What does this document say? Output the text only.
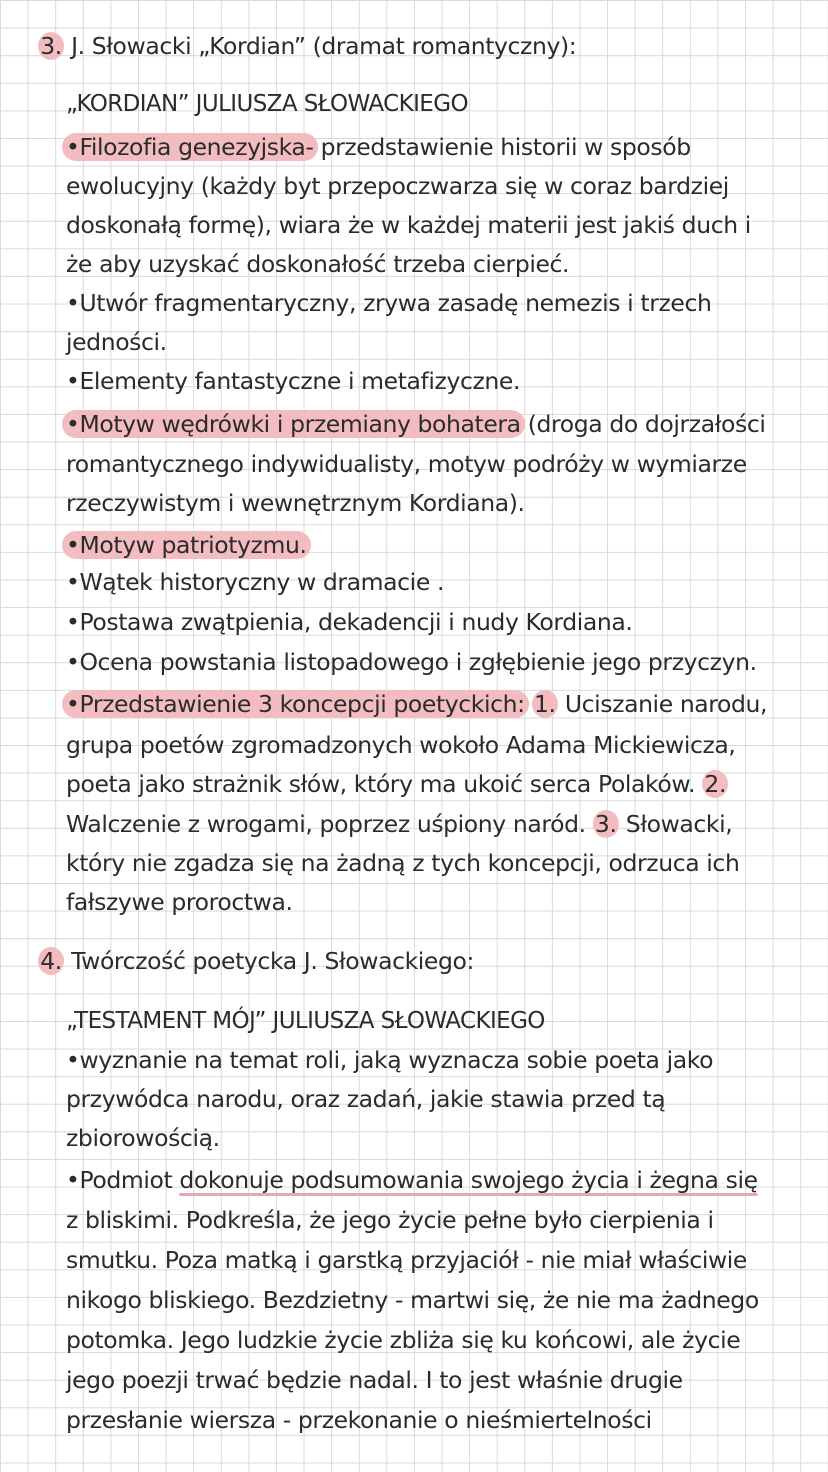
3. J. Słowacki „Kordian” (dramat romantyczny):
„KORDIAN” JULIUSZA SŁOWACKIEGO
•Filozofia genezyjska- przedstawienie historii w sposób
ewolucyjny (każdy byt przepoczwarza się w coraz bardziej
doskonałą formę), wiara że w każdej materii jest jakiś duch i
że aby uzyskać doskonałość trzeba cierpieć.
•Utwór fragmentaryczny, zrywa zasadę nemezis i trzech
jedności.
•Elementy fantastyczne i metafizyczne.
•Motyw wędrówki i przemiany bohatera (droga do dojrzałości
romantycznego indywidualisty, motyw podróży w wymiarze
rzeczywistym i wewnętrznym Kordiana).
•Motyw patriotyzmu.
•Wątek historyczny w dramacie .
•Postawa zwątpienia, dekadencji i nudy Kordiana.
•Ocena powstania listopadowego i zgłębienie jego przyczyn.
•Przedstawienie 3 koncepcji poetyckich: 1. Uciszanie narodu,
grupa poetów zgromadzonych wokoło Adama Mickiewicza,
poeta jako strażnik słów, który ma ukoić serca Polaków. 2.
Walczenie z wrogami, poprzez uśpiony naród. 3. Słowacki,
który nie zgadza się na żadną z tych koncepcji, odrzuca ich
fałszywe proroctwa.
4. Twórczość poetycka J. Słowackiego:
„TESTAMENT MÓJ” JULIUSZA SŁOWACKIEGO
•wyznanie na temat roli, jaką wyznacza sobie poeta jako
przywódca narodu, oraz zadań, jakie stawia przed tą
zbiorowością.
•Podmiot dokonuje podsumowania swojego życia i żegna się
z bliskimi. Podkreśla, że jego życie pełne było cierpienia i
smutku. Poza matką i garstką przyjaciół - nie miał właściwie
nikogo bliskiego. Bezdzietny - martwi się, że nie ma żadnego
potomka. Jego ludzkie życie zbliża się ku końcowi, ale życie
jego poezji trwać będzie nadal. I to jest właśnie drugie
przesłanie wiersza - przekonanie o nieśmiertelności
